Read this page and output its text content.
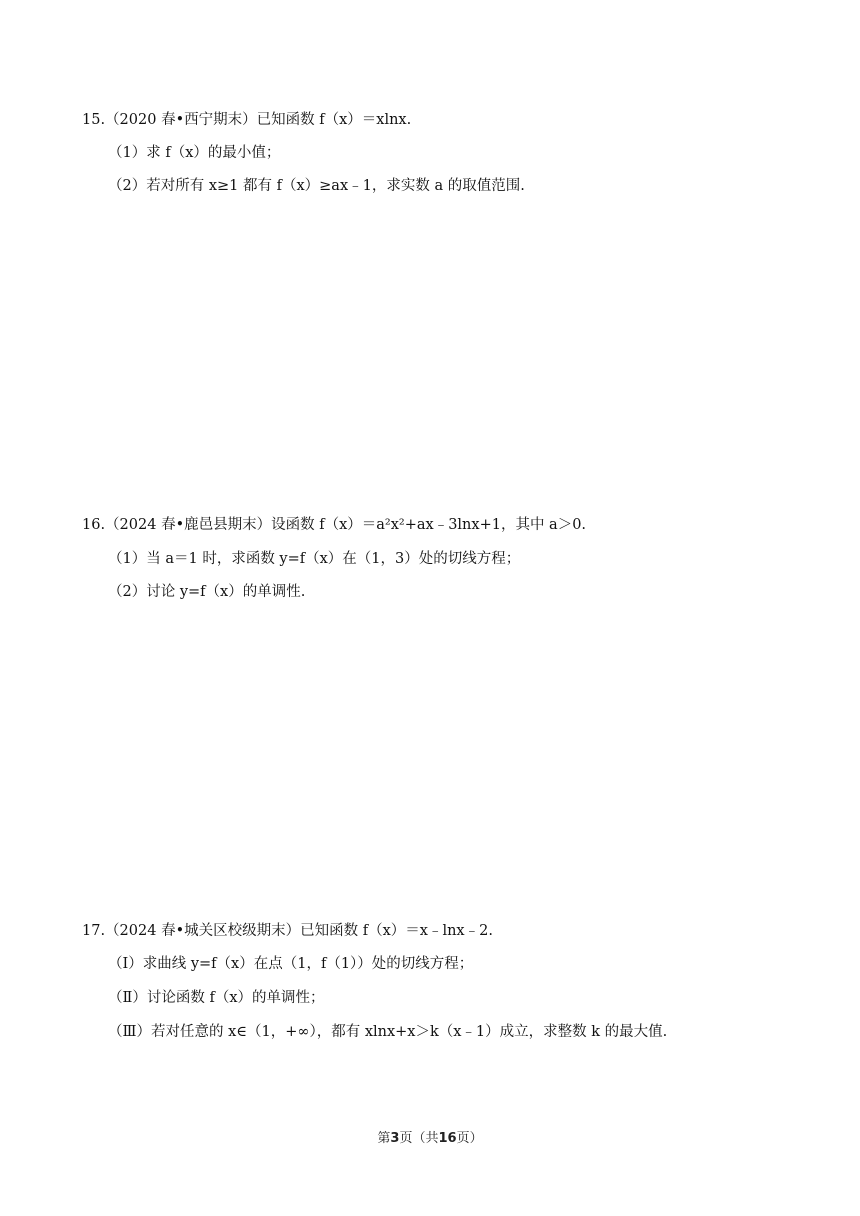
15.（2020 春•西宁期末）已知函数 f（x）＝xlnx.
（1）求 f（x）的最小值；
（2）若对所有 x≥1 都有 f（x）≥ax﹣1，求实数 a 的取值范围.
16.（2024 春•鹿邑县期末）设函数 f（x）＝a²x²+ax﹣3lnx+1，其中 a＞0.
（1）当 a＝1 时，求函数 y=f（x）在（1，3）处的切线方程；
（2）讨论 y=f（x）的单调性.
17.（2024 春•城关区校级期末）已知函数 f（x）＝x﹣lnx﹣2.
（Ⅰ）求曲线 y=f（x）在点（1，f（1））处的切线方程；
（Ⅱ）讨论函数 f（x）的单调性；
（Ⅲ）若对任意的 x∈（1，+∞），都有 xlnx+x＞k（x﹣1）成立，求整数 k 的最大值.
第3页（共16页）
